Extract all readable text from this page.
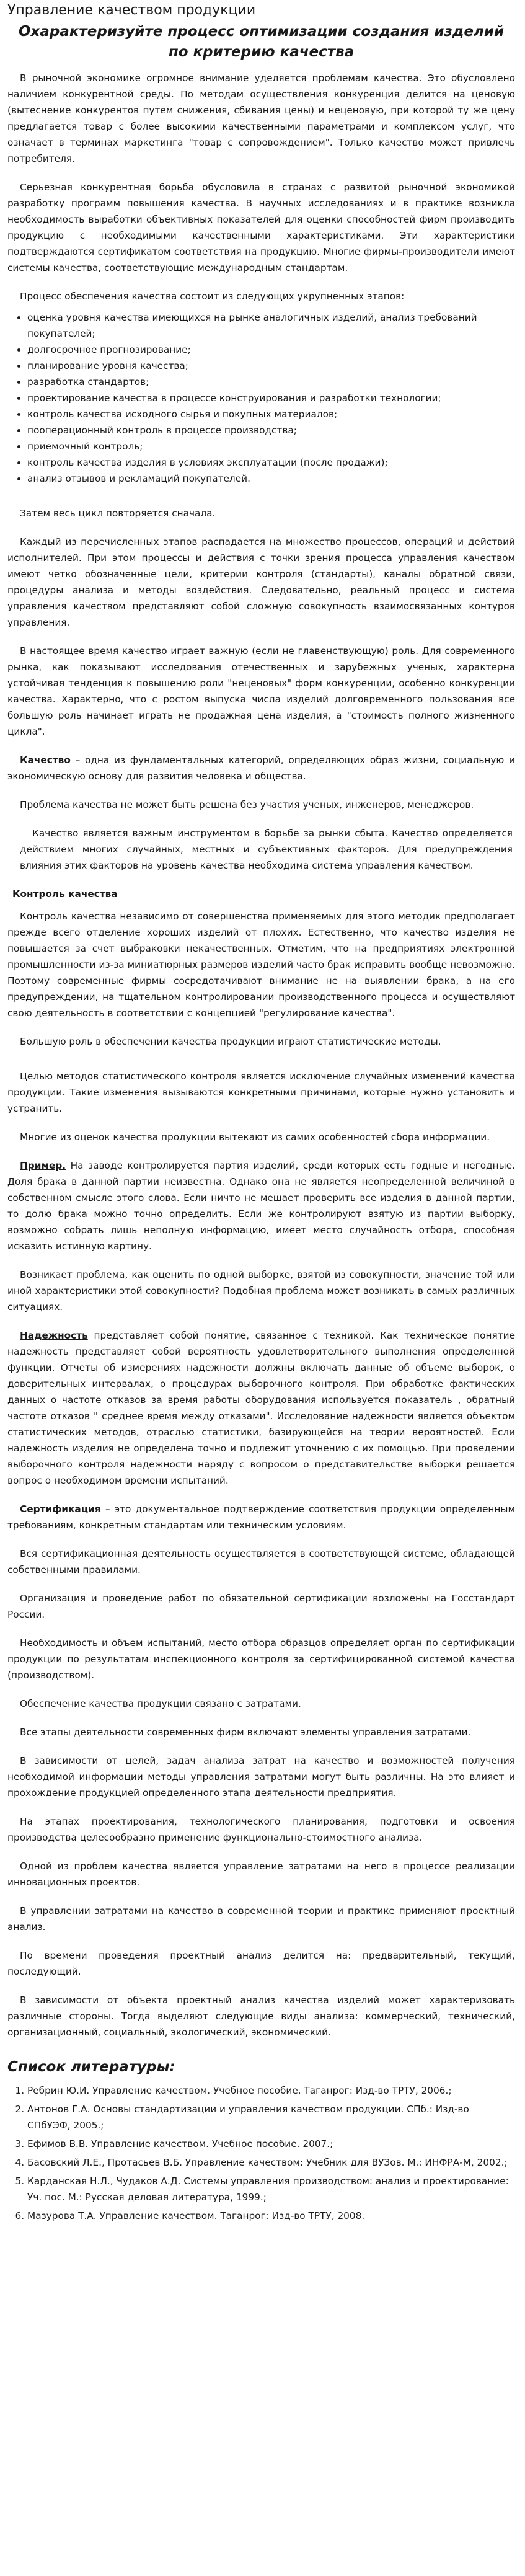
Управление качеством продукции
Охарактеризуйте процесс оптимизации создания изделий
по критерию качества

В рыночной экономике огромное внимание уделяется проблемам качества. Это обусловлено наличием конкурентной среды. По методам осуществления конкуренция делится на ценовую (вытеснение конкурентов путем снижения, сбивания цены) и неценовую, при которой ту же цену предлагается товар с более высокими качественными параметрами и комплексом услуг, что означает в терминах маркетинга "товар с сопровождением". Только качество может привлечь потребителя.

Серьезная конкурентная борьба обусловила в странах с развитой рыночной экономикой разработку программ повышения качества. В научных исследованиях и в практике возникла необходимость выработки объективных показателей для оценки способностей фирм производить продукцию с необходимыми качественными характеристиками. Эти характеристики подтверждаются сертификатом соответствия на продукцию. Многие фирмы-производители имеют системы качества, соответствующие международным стандартам.

Процесс обеспечения качества состоит из следующих укрупненных этапов:

• оценка уровня качества имеющихся на рынке аналогичных изделий, анализ требований покупателей;
• долгосрочное прогнозирование;
• планирование уровня качества;
• разработка стандартов;
• проектирование качества в процессе конструирования и разработки технологии;
• контроль качества исходного сырья и покупных материалов;
• пооперационный контроль в процессе производства;
• приемочный контроль;
• контроль качества изделия в условиях эксплуатации (после продажи);
• анализ отзывов и рекламаций покупателей.

Затем весь цикл повторяется сначала.

Каждый из перечисленных этапов распадается на множество процессов, операций и действий исполнителей. При этом процессы и действия с точки зрения процесса управления качеством имеют четко обозначенные цели, критерии контроля (стандарты), каналы обратной связи, процедуры анализа и методы воздействия. Следовательно, реальный процесс и система управления качеством представляют собой сложную совокупность взаимосвязанных контуров управления.

В настоящее время качество играет важную (если не главенствующую) роль. Для современного рынка, как показывают исследования отечественных и зарубежных ученых, характерна устойчивая тенденция к повышению роли "неценовых" форм конкуренции, особенно конкуренции качества. Характерно, что с ростом выпуска числа изделий долговременного пользования все большую роль начинает играть не продажная цена изделия, а "стоимость полного жизненного цикла".

Качество – одна из фундаментальных категорий, определяющих образ жизни, социальную и экономическую основу для развития человека и общества.

Проблема качества не может быть решена без участия ученых, инженеров, менеджеров.

Качество является важным инструментом в борьбе за рынки сбыта. Качество определяется действием многих случайных, местных и субъективных факторов. Для предупреждения влияния этих факторов на уровень качества необходима система управления качеством.

Контроль качества

Контроль качества независимо от совершенства применяемых для этого методик предполагает прежде всего отделение хороших изделий от плохих. Естественно, что качество изделия не повышается за счет выбраковки некачественных. Отметим, что на предприятиях электронной промышленности из-за миниатюрных размеров изделий часто брак исправить вообще невозможно. Поэтому современные фирмы сосредотачивают внимание не на выявлении брака, а на его предупреждении, на тщательном контролировании производственного процесса и осуществляют свою деятельность в соответствии с концепцией "регулирование качества".

Большую роль в обеспечении качества продукции играют статистические методы.

Целью методов статистического контроля является исключение случайных изменений качества продукции. Такие изменения вызываются конкретными причинами, которые нужно установить и устранить.

Многие из оценок качества продукции вытекают из самих особенностей сбора информации.

Пример. На заводе контролируется партия изделий, среди которых есть годные и негодные. Доля брака в данной партии неизвестна. Однако она не является неопределенной величиной в собственном смысле этого слова. Если ничто не мешает проверить все изделия в данной партии, то долю брака можно точно определить. Если же контролируют взятую из партии выборку, возможно собрать лишь неполную информацию, имеет место случайность отбора, способная исказить истинную картину.

Возникает проблема, как оценить по одной выборке, взятой из совокупности, значение той или иной характеристики этой совокупности? Подобная проблема может возникать в самых различных ситуациях.

Надежность представляет собой понятие, связанное с техникой. Как техническое понятие надежность представляет собой вероятность удовлетворительного выполнения определенной функции. Отчеты об измерениях надежности должны включать данные об объеме выборок, о доверительных интервалах, о процедурах выборочного контроля. При обработке фактических данных о частоте отказов за время работы оборудования используется показатель , обратный частоте отказов " среднее время между отказами". Исследование надежности является объектом статистических методов, отраслью статистики, базирующейся на теории вероятностей. Если надежность изделия не определена точно и подлежит уточнению с их помощью. При проведении выборочного контроля надежности наряду с вопросом о представительстве выборки решается вопрос о необходимом времени испытаний.

Сертификация – это документальное подтверждение соответствия продукции определенным требованиям, конкретным стандартам или техническим условиям.

Вся сертификационная деятельность осуществляется в соответствующей системе, обладающей собственными правилами.

Организация и проведение работ по обязательной сертификации возложены на Госстандарт России.

Необходимость и объем испытаний, место отбора образцов определяет орган по сертификации продукции по результатам инспекционного контроля за сертифицированной системой качества (производством).

Обеспечение качества продукции связано с затратами.

Все этапы деятельности современных фирм включают элементы управления затратами.

В зависимости от целей, задач анализа затрат на качество и возможностей получения необходимой информации методы управления затратами могут быть различны. На это влияет и прохождение продукцией определенного этапа деятельности предприятия.

На этапах проектирования, технологического планирования, подготовки и освоения производства целесообразно применение функционально-стоимостного анализа.

Одной из проблем качества является управление затратами на него в процессе реализации инновационных проектов.

В управлении затратами на качество в современной теории и практике применяют проектный анализ.

По времени проведения проектный анализ делится на: предварительный, текущий, последующий.

В зависимости от объекта проектный анализ качества изделий может характеризовать различные стороны. Тогда выделяют следующие виды анализа: коммерческий, технический, организационный, социальный, экологический, экономический.

Список литературы:
1. Ребрин Ю.И. Управление качеством. Учебное пособие. Таганрог: Изд-во ТРТУ, 2006.;
2. Антонов Г.А. Основы стандартизации и управления качеством продукции. СПб.: Изд-во СПбУЭФ, 2005.;
3. Ефимов В.В. Управление качеством. Учебное пособие. 2007.;
4. Басовский Л.Е., Протасьев В.Б. Управление качеством: Учебник для ВУЗов. М.: ИНФРА-М, 2002.;
5. Карданская Н.Л., Чудаков А.Д. Системы управления производством: анализ и проектирование: Уч. пос. М.: Русская деловая литература, 1999.;
6. Мазурова Т.А. Управление качеством. Таганрог: Изд-во ТРТУ, 2008.
